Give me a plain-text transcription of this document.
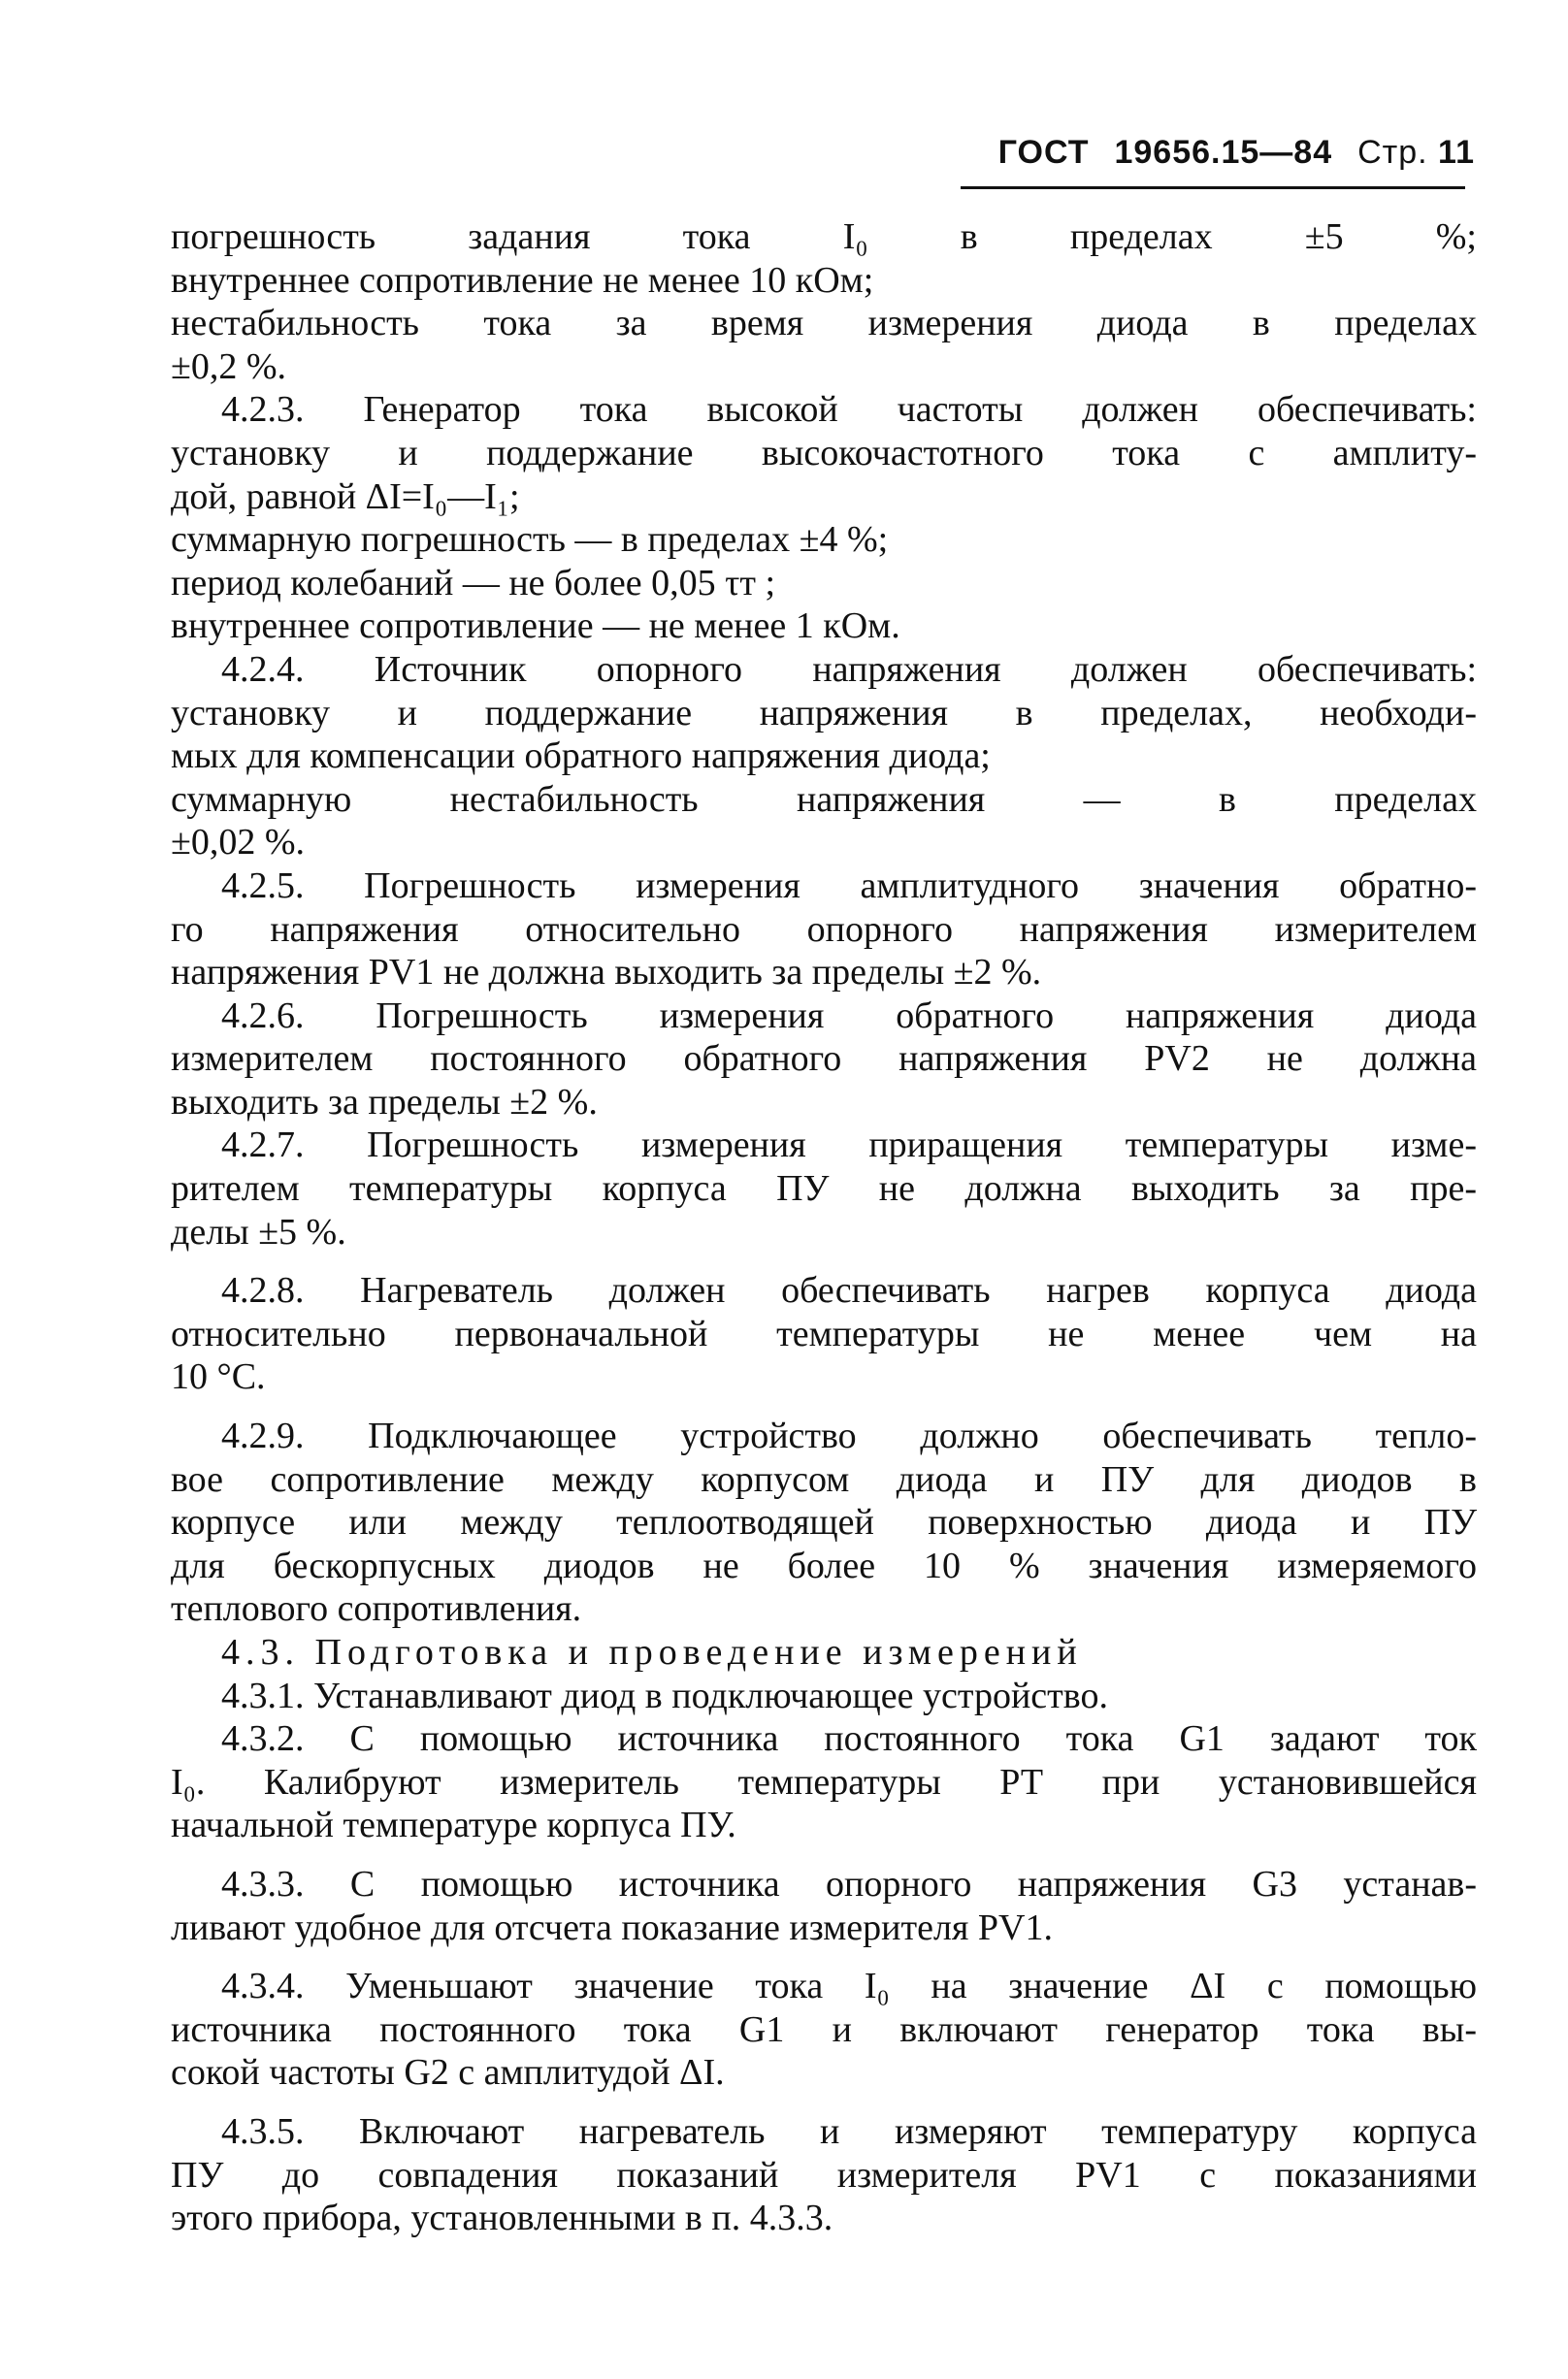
ГОСТ 19656.15—84 Стр. 11
погрешность задания тока I₀ в пределах ±5 %;
внутреннее сопротивление не менее 10 кОм;
нестабильность тока за время измерения диода в пределах
±0,2 %.
4.2.3. Генератор тока высокой частоты должен обеспечивать:
установку и поддержание высокочастотного тока с амплиту-
дой, равной ΔI=I₀—I₁;
суммарную погрешность — в пределах ±4 %;
период колебаний — не более 0,05 τт ;
внутреннее сопротивление — не менее 1 кОм.
4.2.4. Источник опорного напряжения должен обеспечивать:
установку и поддержание напряжения в пределах, необходи-
мых для компенсации обратного напряжения диода;
суммарную нестабильность напряжения — в пределах
±0,02 %.
4.2.5. Погрешность измерения амплитудного значения обратно-
го напряжения относительно опорного напряжения измерителем
напряжения PV1 не должна выходить за пределы ±2 %.
4.2.6. Погрешность измерения обратного напряжения диода
измерителем постоянного обратного напряжения PV2 не должна
выходить за пределы ±2 %.
4.2.7. Погрешность измерения приращения температуры изме-
рителем температуры корпуса ПУ не должна выходить за пре-
делы ±5 %.
4.2.8. Нагреватель должен обеспечивать нагрев корпуса диода
относительно первоначальной температуры не менее чем на
10 °C.
4.2.9. Подключающее устройство должно обеспечивать тепло-
вое сопротивление между корпусом диода и ПУ для диодов в
корпусе или между теплоотводящей поверхностью диода и ПУ
для бескорпусных диодов не более 10 % значения измеряемого
теплового сопротивления.
4.3. Подготовка и проведение измерений
4.3.1. Устанавливают диод в подключающее устройство.
4.3.2. С помощью источника постоянного тока G1 задают ток
I₀. Калибруют измеритель температуры РТ при установившейся
начальной температуре корпуса ПУ.
4.3.3. С помощью источника опорного напряжения G3 устанав-
ливают удобное для отсчета показание измерителя PV1.
4.3.4. Уменьшают значение тока I₀ на значение ΔI с помощью
источника постоянного тока G1 и включают генератор тока вы-
сокой частоты G2 с амплитудой ΔI.
4.3.5. Включают нагреватель и измеряют температуру корпуса
ПУ до совпадения показаний измерителя PV1 с показаниями
этого прибора, установленными в п. 4.3.3.
